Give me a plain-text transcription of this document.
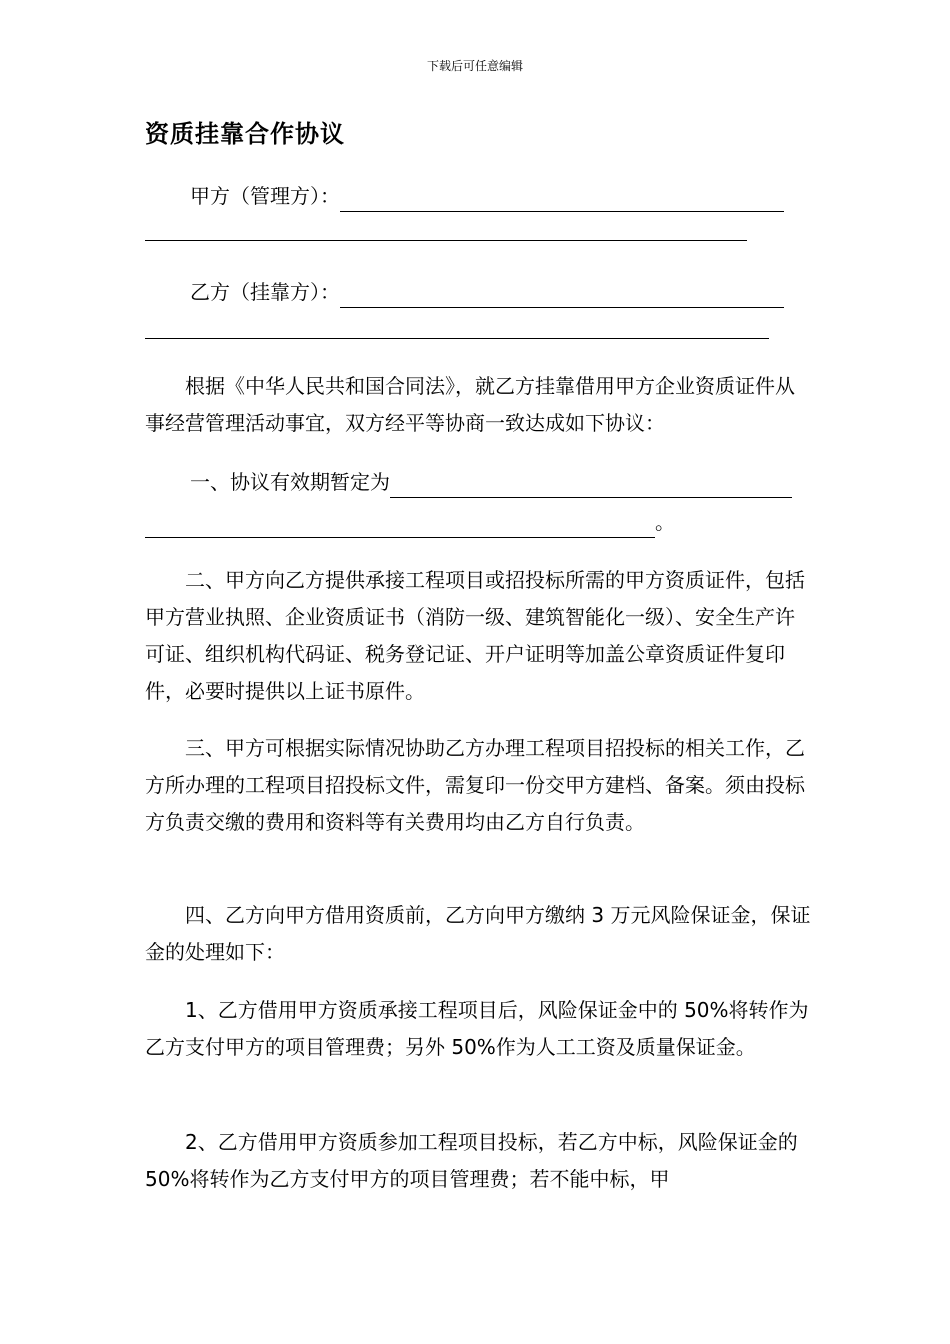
下载后可任意编辑
资质挂靠合作协议
甲方（管理方）：
乙方（挂靠方）：

根据《中华人民共和国合同法》，就乙方挂靠借用甲方企业资质证件从事经营管理活动事宜，双方经平等协商一致达成如下协议：

一、协议有效期暂定为
。

二、甲方向乙方提供承接工程项目或招投标所需的甲方资质证件，包括甲方营业执照、企业资质证书（消防一级、建筑智能化一级）、安全生产许可证、组织机构代码证、税务登记证、开户证明等加盖公章资质证件复印件，必要时提供以上证书原件。

三、甲方可根据实际情况协助乙方办理工程项目招投标的相关工作，乙方所办理的工程项目招投标文件，需复印一份交甲方建档、备案。须由投标方负责交缴的费用和资料等有关费用均由乙方自行负责。

四、乙方向甲方借用资质前，乙方向甲方缴纳 3 万元风险保证金，保证金的处理如下：

1、乙方借用甲方资质承接工程项目后，风险保证金中的 50%将转作为乙方支付甲方的项目管理费；另外 50%作为人工工资及质量保证金。

2、乙方借用甲方资质参加工程项目投标，若乙方中标，风险保证金的 50%将转作为乙方支付甲方的项目管理费；若不能中标，甲
